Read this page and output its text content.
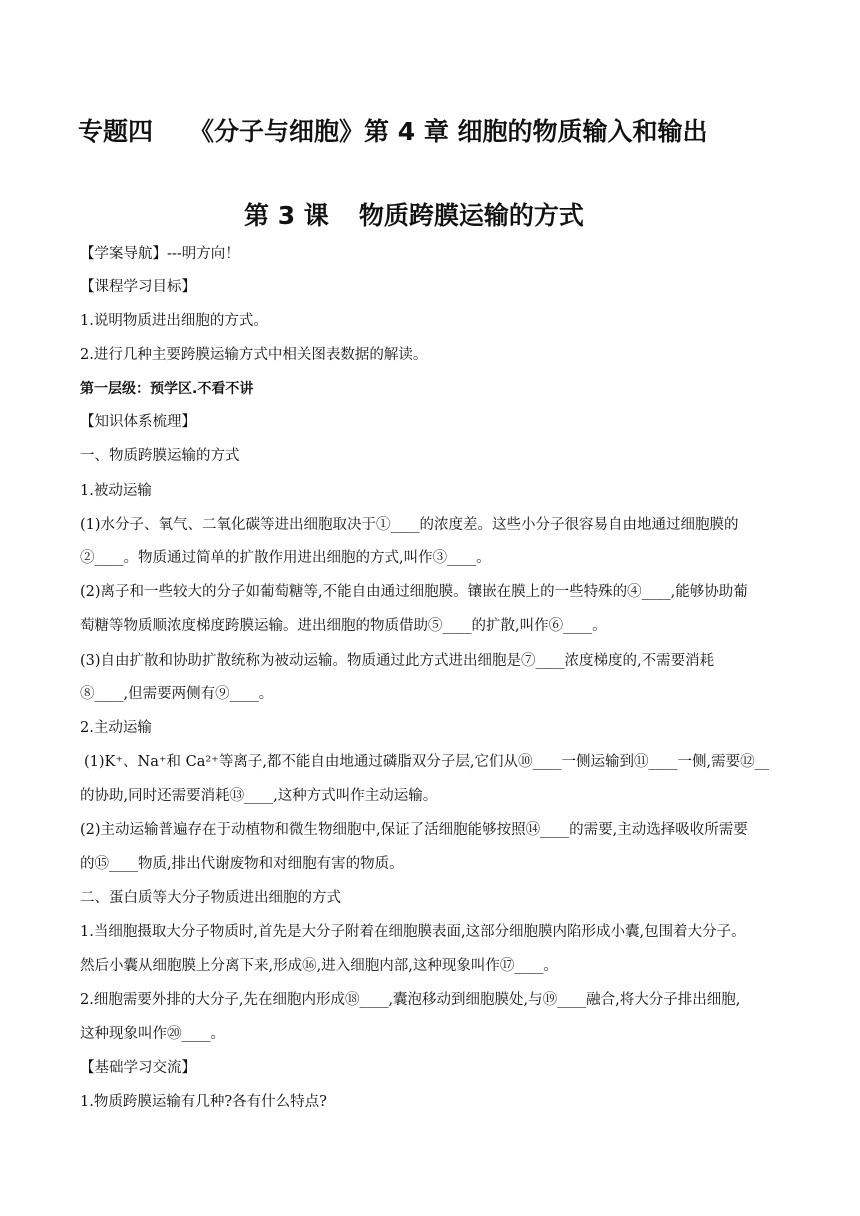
专题四 《分子与细胞》第 4 章 细胞的物质输入和输出
第 3 课 物质跨膜运输的方式
【学案导航】---明方向！
【课程学习目标】
1.说明物质进出细胞的方式。
2.进行几种主要跨膜运输方式中相关图表数据的解读。
第一层级：预学区.不看不讲
【知识体系梳理】
一、物质跨膜运输的方式
1.被动运输
(1)水分子、氧气、二氧化碳等进出细胞取决于①____的浓度差。这些小分子很容易自由地通过细胞膜的
②____。物质通过简单的扩散作用进出细胞的方式,叫作③____。
(2)离子和一些较大的分子如葡萄糖等,不能自由通过细胞膜。镶嵌在膜上的一些特殊的④____,能够协助葡
萄糖等物质顺浓度梯度跨膜运输。进出细胞的物质借助⑤____的扩散,叫作⑥____。
(3)自由扩散和协助扩散统称为被动运输。物质通过此方式进出细胞是⑦____浓度梯度的,不需要消耗
⑧____,但需要两侧有⑨____。
2.主动运输
(1)K⁺、Na⁺和 Ca²⁺等离子,都不能自由地通过磷脂双分子层,它们从⑩____一侧运输到⑪____一侧,需要⑫__
的协助,同时还需要消耗⑬____,这种方式叫作主动运输。
(2)主动运输普遍存在于动植物和微生物细胞中,保证了活细胞能够按照⑭____的需要,主动选择吸收所需要
的⑮____物质,排出代谢废物和对细胞有害的物质。
二、蛋白质等大分子物质进出细胞的方式
1.当细胞摄取大分子物质时,首先是大分子附着在细胞膜表面,这部分细胞膜内陷形成小囊,包围着大分子。
然后小囊从细胞膜上分离下来,形成⑯,进入细胞内部,这种现象叫作⑰____。
2.细胞需要外排的大分子,先在细胞内形成⑱____,囊泡移动到细胞膜处,与⑲____融合,将大分子排出细胞,
这种现象叫作⑳____。
【基础学习交流】
1.物质跨膜运输有几种?各有什么特点?
